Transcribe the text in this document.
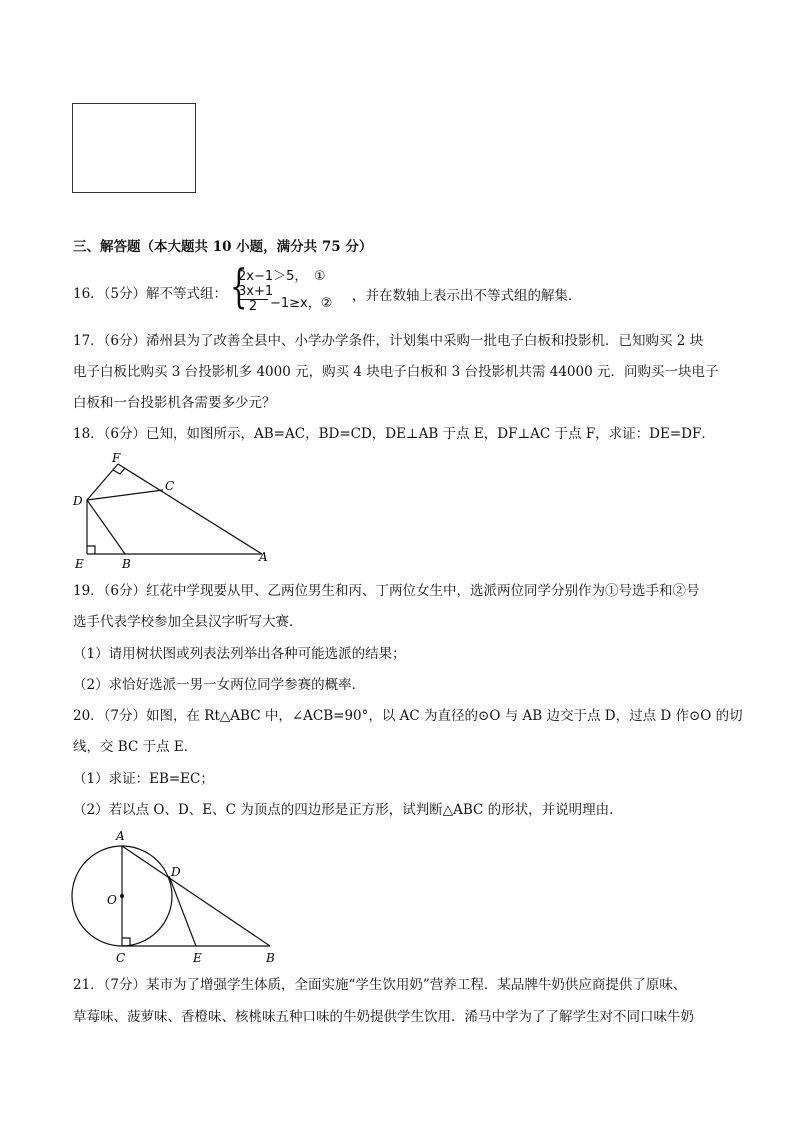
三、解答题（本大题共 10 小题，满分共 75 分）
16．（5分）解不等式组： {
2x−1＞5，　①
$\frac{3x+1}{2} -1\ge x$，② ，并在数轴上表示出不等式组的解集．
17．（6分）浠州县为了改善全县中、小学办学条件，计划集中采购一批电子白板和投影机．已知购买 2 块
电子白板比购买 3 台投影机多 4000 元，购买 4 块电子白板和 3 台投影机共需 44000 元．问购买一块电子
白板和一台投影机各需要多少元？
18．（6分）已知，如图所示，AB=AC，BD=CD，DE⊥AB 于点 E，DF⊥AC 于点 F，求证：DE=DF．
F
C
D
E	B	A
19．（6分）红花中学现要从甲、乙两位男生和丙、丁两位女生中，选派两位同学分别作为①号选手和②号
选手代表学校参加全县汉字听写大赛．
（1）请用树状图或列表法列举出各种可能选派的结果；
（2）求恰好选派一男一女两位同学参赛的概率．
20．（7分）如图，在 Rt△ABC 中，∠ACB=90°，以 AC 为直径的⊙O 与 AB 边交于点 D，过点 D 作⊙O 的切
线，交 BC 于点 E．
（1）求证：EB=EC；
（2）若以点 O、D、E、C 为顶点的四边形是正方形，试判断△ABC 的形状，并说明理由．
A
D
O
C	E	B
21．（7分）某市为了增强学生体质，全面实施“学生饮用奶”营养工程．某品牌牛奶供应商提供了原味、
草莓味、菠萝味、香橙味、核桃味五种口味的牛奶提供学生饮用．浠马中学为了了解学生对不同口味牛奶
